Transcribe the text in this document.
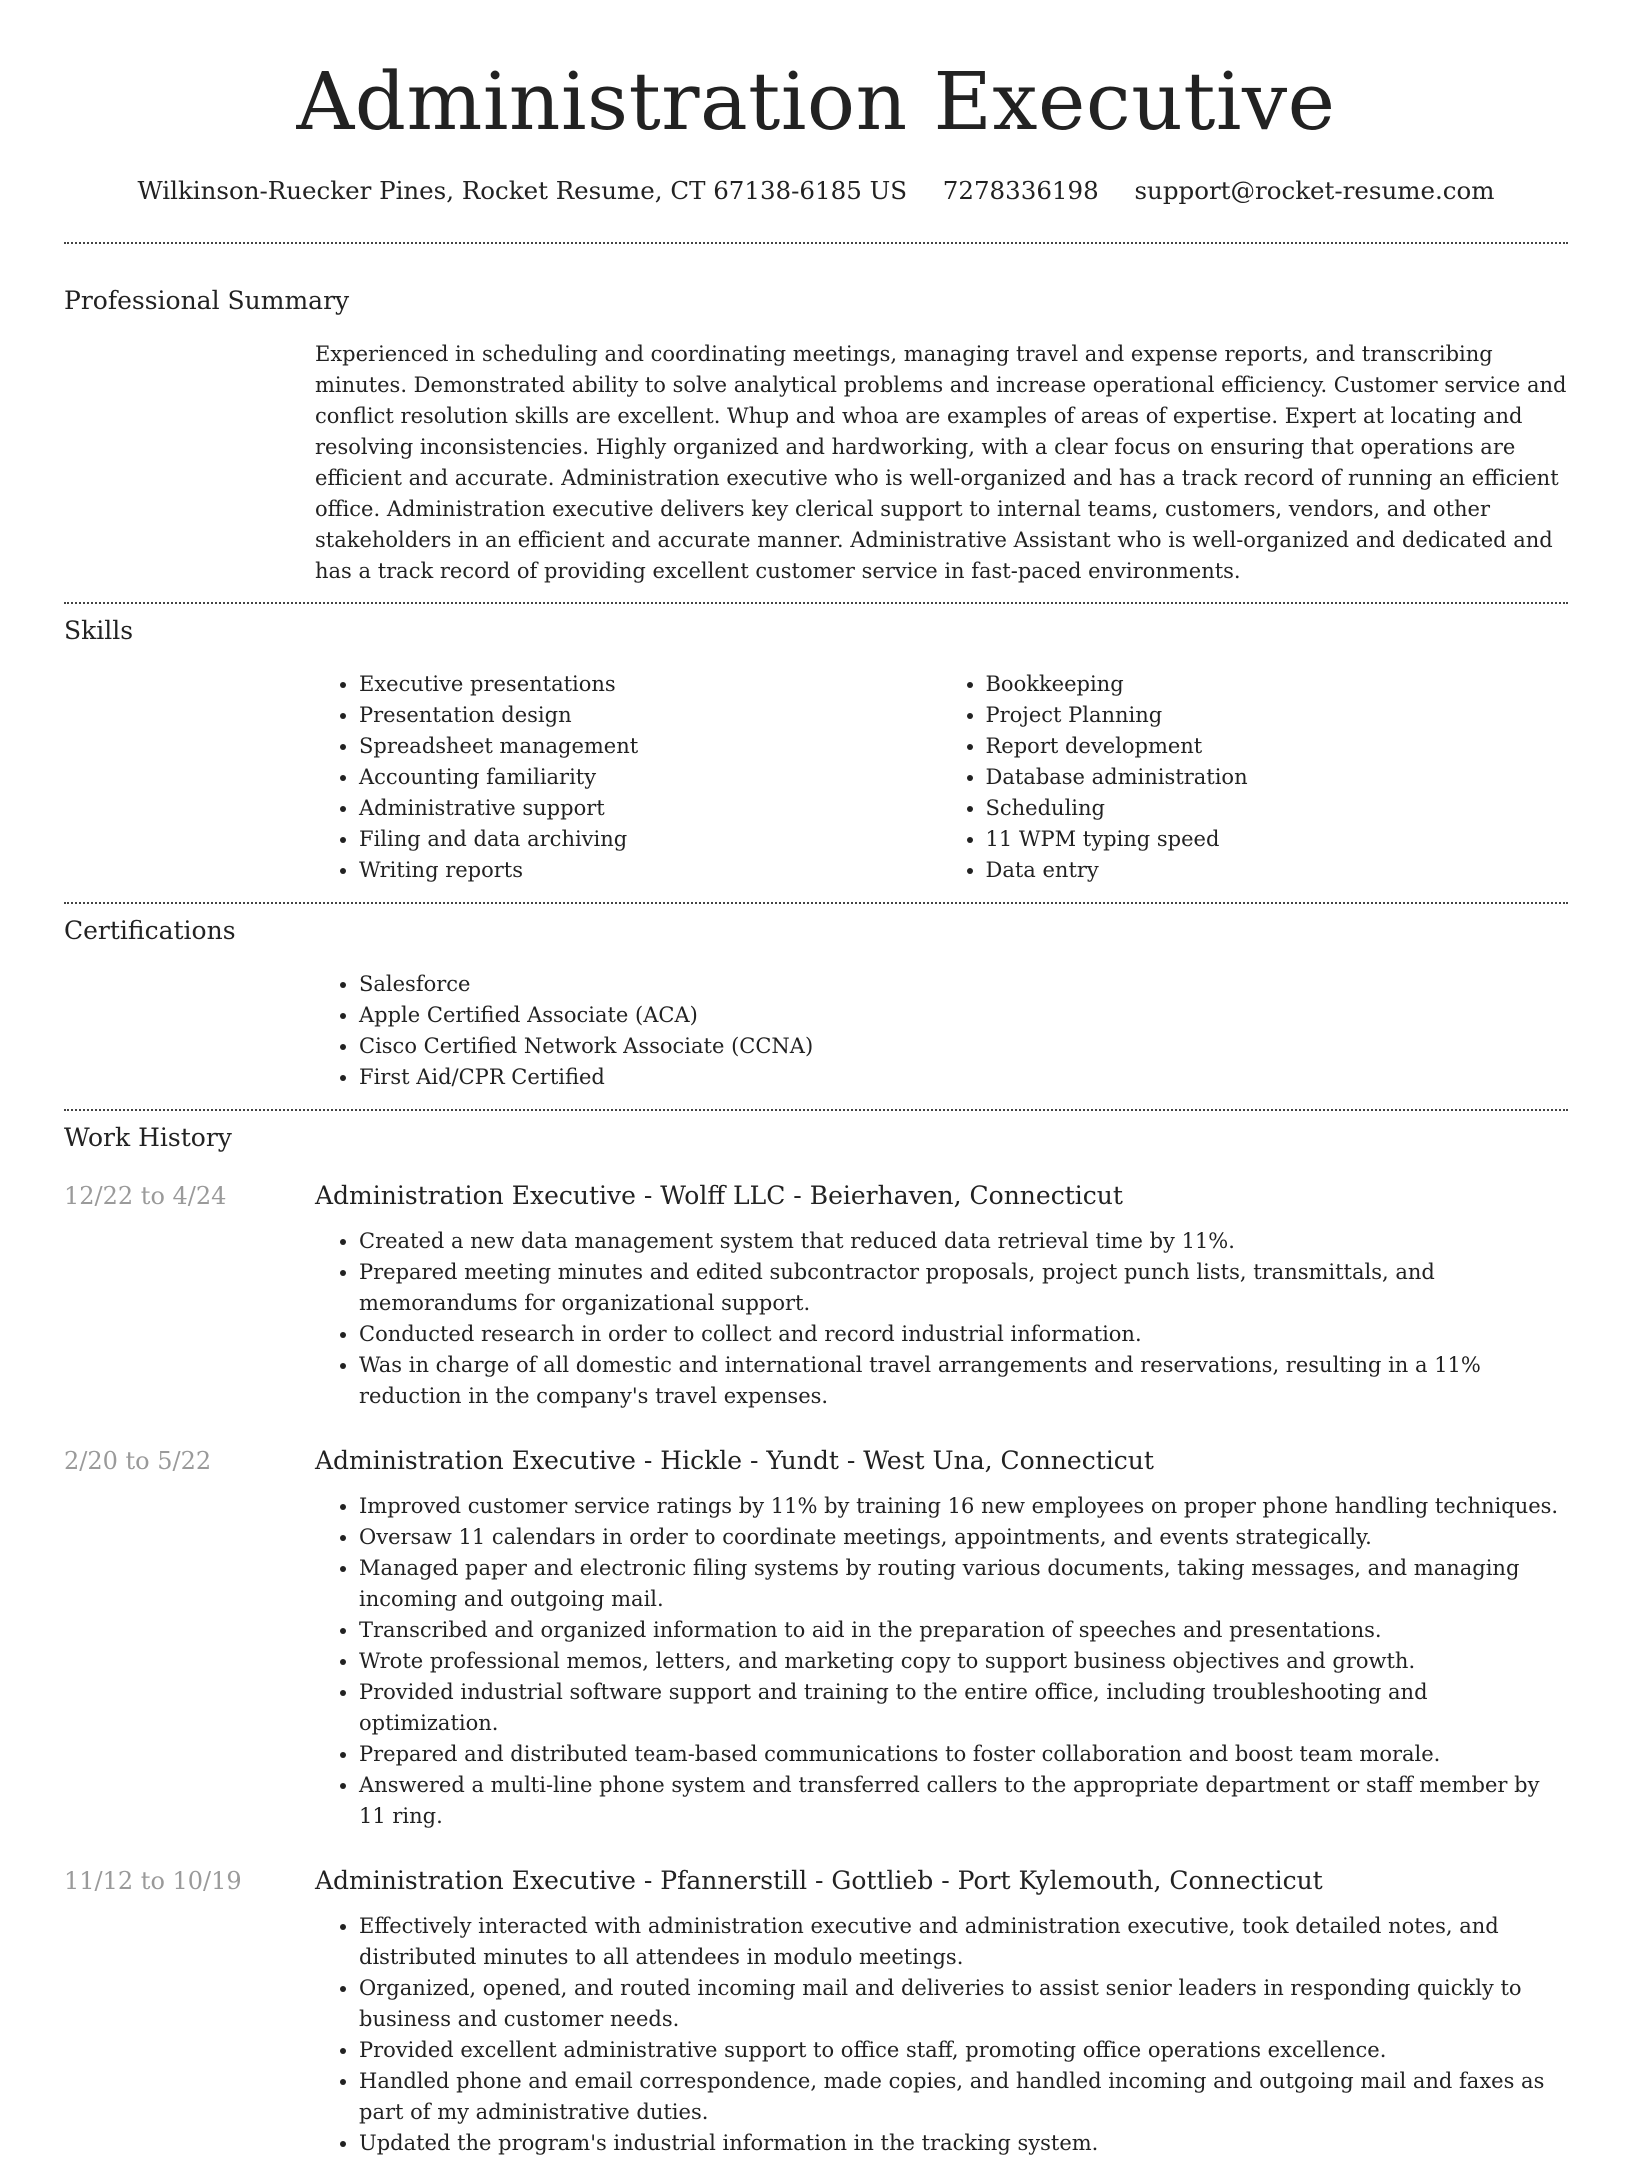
Administration Executive
Wilkinson-Ruecker Pines, Rocket Resume, CT 67138-6185 US 7278336198 support@rocket-resume.com
Professional Summary
Experienced in scheduling and coordinating meetings, managing travel and expense reports, and transcribing minutes. Demonstrated ability to solve analytical problems and increase operational efficiency. Customer service and conflict resolution skills are excellent. Whup and whoa are examples of areas of expertise. Expert at locating and resolving inconsistencies. Highly organized and hardworking, with a clear focus on ensuring that operations are efficient and accurate. Administration executive who is well-organized and has a track record of running an efficient office. Administration executive delivers key clerical support to internal teams, customers, vendors, and other stakeholders in an efficient and accurate manner. Administrative Assistant who is well-organized and dedicated and has a track record of providing excellent customer service in fast-paced environments.
Skills
• Executive presentations
• Presentation design
• Spreadsheet management
• Accounting familiarity
• Administrative support
• Filing and data archiving
• Writing reports
• Bookkeeping
• Project Planning
• Report development
• Database administration
• Scheduling
• 11 WPM typing speed
• Data entry
Certifications
• Salesforce
• Apple Certified Associate (ACA)
• Cisco Certified Network Associate (CCNA)
• First Aid/CPR Certified
Work History
12/22 to 4/24	Administration Executive - Wolff LLC - Beierhaven, Connecticut
• Created a new data management system that reduced data retrieval time by 11%.
• Prepared meeting minutes and edited subcontractor proposals, project punch lists, transmittals, and memorandums for organizational support.
• Conducted research in order to collect and record industrial information.
• Was in charge of all domestic and international travel arrangements and reservations, resulting in a 11% reduction in the company's travel expenses.
2/20 to 5/22	Administration Executive - Hickle - Yundt - West Una, Connecticut
• Improved customer service ratings by 11% by training 16 new employees on proper phone handling techniques.
• Oversaw 11 calendars in order to coordinate meetings, appointments, and events strategically.
• Managed paper and electronic filing systems by routing various documents, taking messages, and managing incoming and outgoing mail.
• Transcribed and organized information to aid in the preparation of speeches and presentations.
• Wrote professional memos, letters, and marketing copy to support business objectives and growth.
• Provided industrial software support and training to the entire office, including troubleshooting and optimization.
• Prepared and distributed team-based communications to foster collaboration and boost team morale.
• Answered a multi-line phone system and transferred callers to the appropriate department or staff member by 11 ring.
11/12 to 10/19	Administration Executive - Pfannerstill - Gottlieb - Port Kylemouth, Connecticut
• Effectively interacted with administration executive and administration executive, took detailed notes, and distributed minutes to all attendees in modulo meetings.
• Organized, opened, and routed incoming mail and deliveries to assist senior leaders in responding quickly to business and customer needs.
• Provided excellent administrative support to office staff, promoting office operations excellence.
• Handled phone and email correspondence, made copies, and handled incoming and outgoing mail and faxes as part of my administrative duties.
• Updated the program's industrial information in the tracking system.
